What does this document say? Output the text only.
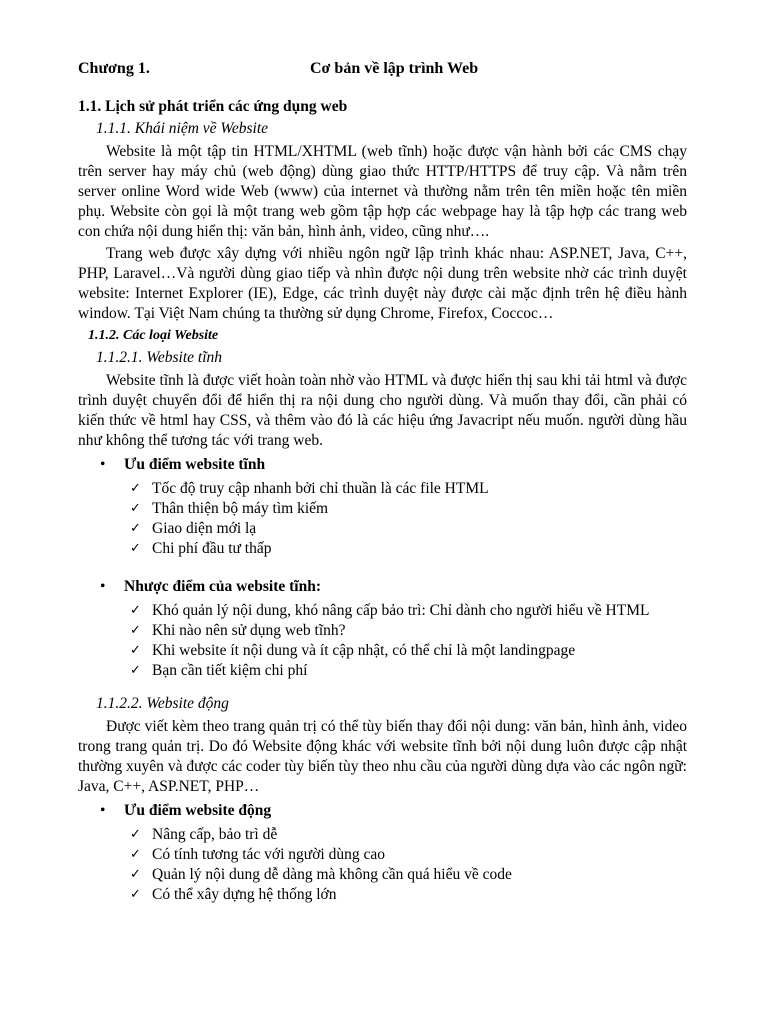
Chương 1.	Cơ bản về lập trình Web
1.1. Lịch sử phát triển các ứng dụng web
1.1.1. Khái niệm về Website

Website là một tập tin HTML/XHTML (web tĩnh) hoặc được vận hành bởi các CMS chạy trên server hay máy chủ (web động) dùng giao thức HTTP/HTTPS để truy cập. Và nằm trên server online Word wide Web (www) của internet và thường nằm trên tên miền hoặc tên miền phụ. Website còn gọi là một trang web gồm tập hợp các webpage hay là tập hợp các trang web con chứa nội dung hiển thị: văn bản, hình ảnh, video, cũng như….

Trang web được xây dựng với nhiều ngôn ngữ lập trình khác nhau: ASP.NET, Java, C++, PHP, Laravel…Và người dùng giao tiếp và nhìn được nội dung trên website nhờ các trình duyệt website: Internet Explorer (IE), Edge, các trình duyệt này được cài mặc định trên hệ điều hành window. Tại Việt Nam chúng ta thường sử dụng Chrome, Firefox, Coccoc…

1.1.2. Các loại Website
1.1.2.1. Website tĩnh

Website tĩnh là được viết hoàn toàn nhờ vào HTML và được hiển thị sau khi tải html và được trình duyệt chuyển đổi để hiển thị ra nội dung cho người dùng. Và muốn thay đổi, cần phải có kiến thức về html hay CSS, và thêm vào đó là các hiệu ứng Javacript nếu muốn. người dùng hầu như không thể tương tác với trang web.

• Ưu điểm website tĩnh
✓ Tốc độ truy cập nhanh bởi chỉ thuần là các file HTML
✓ Thân thiện bộ máy tìm kiếm
✓ Giao diện mới lạ
✓ Chi phí đầu tư thấp
• Nhược điểm của website tĩnh:
✓ Khó quản lý nội dung, khó nâng cấp bảo trì: Chỉ dành cho người hiểu về HTML
✓ Khi nào nên sử dụng web tĩnh?
✓ Khi website ít nội dung và ít cập nhật, có thể chỉ là một landingpage
✓ Bạn cần tiết kiệm chi phí
1.1.2.2. Website động

Được viết kèm theo trang quản trị có thể tùy biến thay đổi nội dung: văn bản, hình ảnh, video trong trang quản trị. Do đó Website động khác với website tĩnh bởi nội dung luôn được cập nhật thường xuyên và được các coder tùy biến tùy theo nhu cầu của người dùng dựa vào các ngôn ngữ: Java, C++, ASP.NET, PHP…

• Ưu điểm website động
✓ Nâng cấp, bảo trì dễ
✓ Có tính tương tác với người dùng cao
✓ Quản lý nội dung dễ dàng mà không cần quá hiểu về code
✓ Có thể xây dựng hệ thống lớn
